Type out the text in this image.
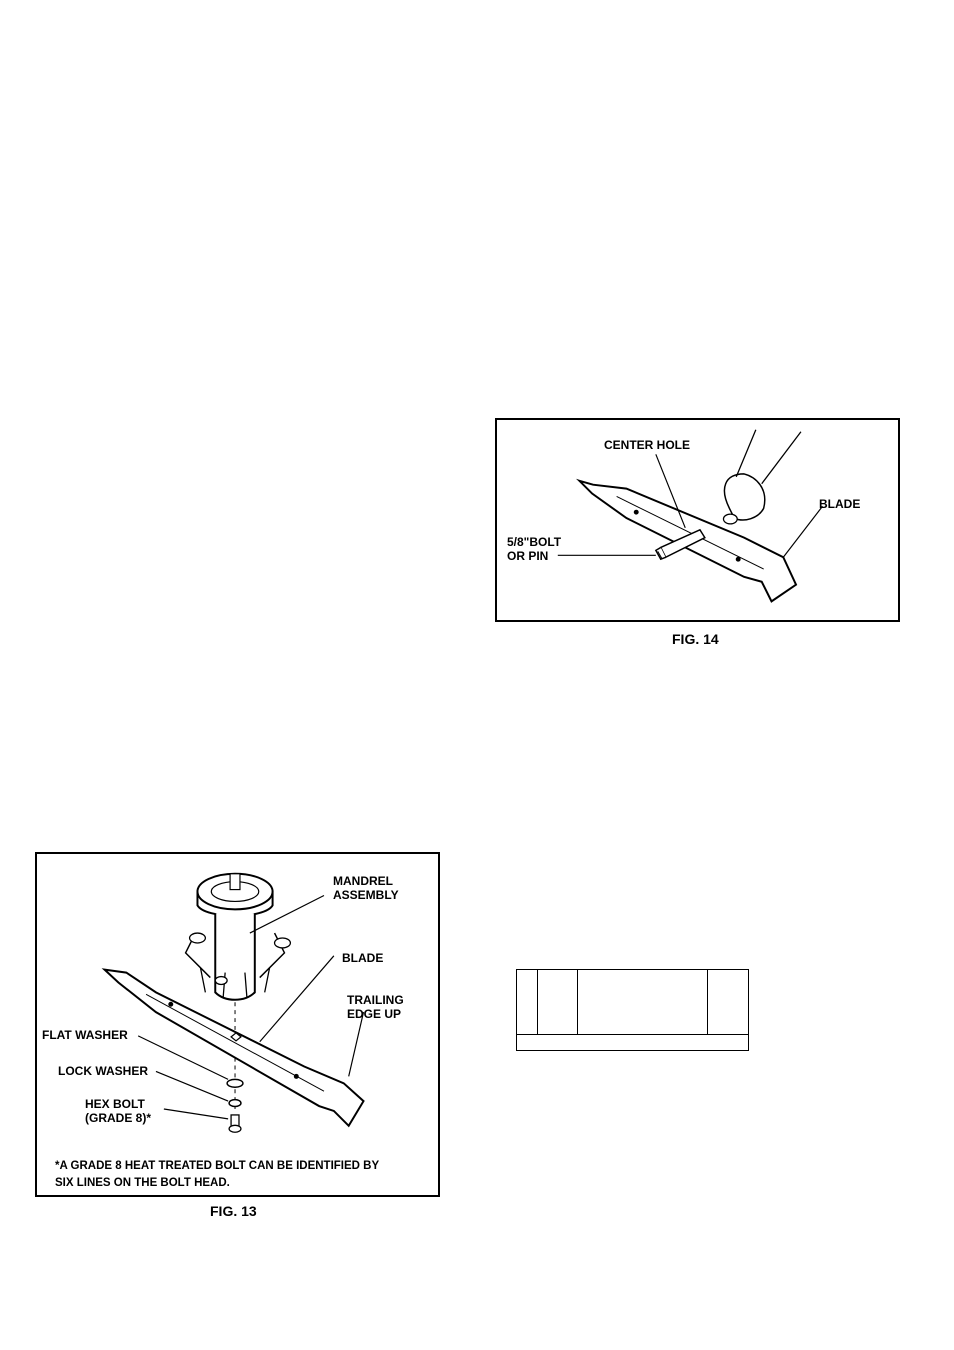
CENTER HOLE
BLADE
5/8"BOLT
OR PIN
FIG. 14
MANDREL
ASSEMBLY
BLADE
TRAILING
EDGE UP
FLAT WASHER
LOCK WASHER
HEX BOLT
(GRADE 8)*
*A GRADE 8 HEAT TREATED BOLT CAN BE IDENTIFIED BY
SIX LINES ON THE BOLT HEAD.
FIG. 13
